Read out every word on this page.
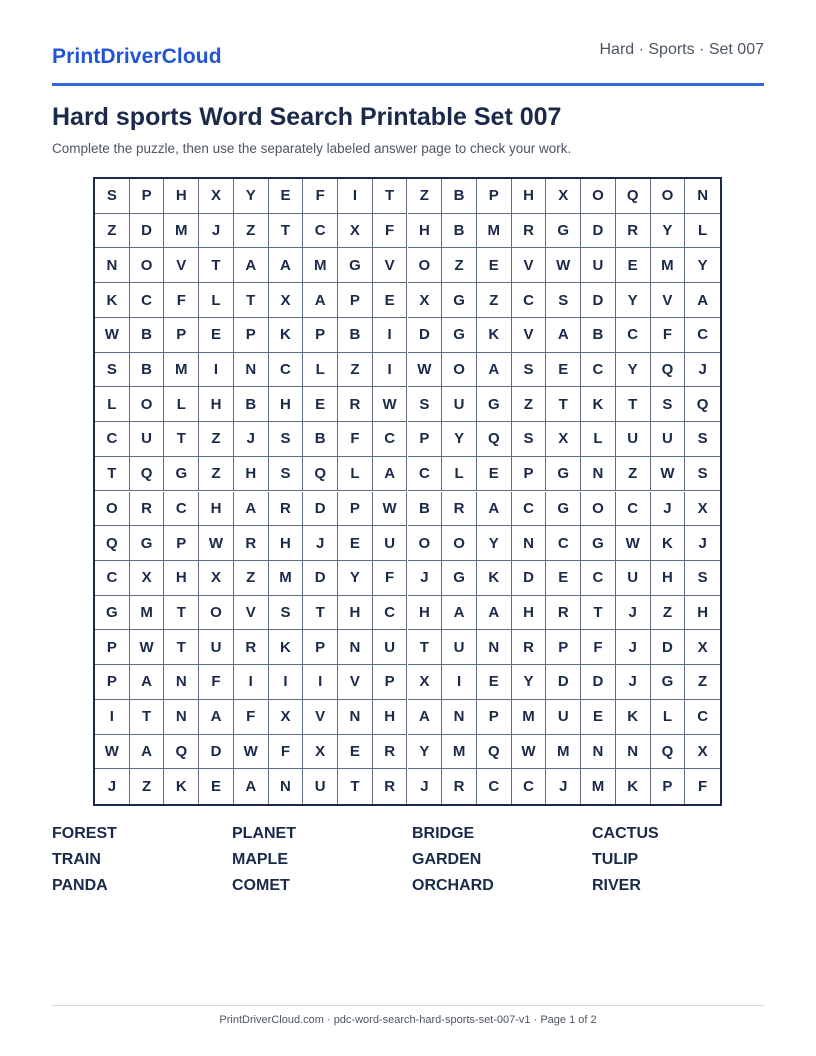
PrintDriverCloud	Hard · Sports · Set 007
Hard sports Word Search Printable Set 007
Complete the puzzle, then use the separately labeled answer page to check your work.
S	P	H	X	Y	E	F	I	T	Z	B	P	H	X	O	Q	O	N
Z	D	M	J	Z	T	C	X	F	H	B	M	R	G	D	R	Y	L
N	O	V	T	A	A	M	G	V	O	Z	E	V	W	U	E	M	Y
K	C	F	L	T	X	A	P	E	X	G	Z	C	S	D	Y	V	A
W	B	P	E	P	K	P	B	I	D	G	K	V	A	B	C	F	C
S	B	M	I	N	C	L	Z	I	W	O	A	S	E	C	Y	Q	J
L	O	L	H	B	H	E	R	W	S	U	G	Z	T	K	T	S	Q
C	U	T	Z	J	S	B	F	C	P	Y	Q	S	X	L	U	U	S
T	Q	G	Z	H	S	Q	L	A	C	L	E	P	G	N	Z	W	S
O	R	C	H	A	R	D	P	W	B	R	A	C	G	O	C	J	X
Q	G	P	W	R	H	J	E	U	O	O	Y	N	C	G	W	K	J
C	X	H	X	Z	M	D	Y	F	J	G	K	D	E	C	U	H	S
G	M	T	O	V	S	T	H	C	H	A	A	H	R	T	J	Z	H
P	W	T	U	R	K	P	N	U	T	U	N	R	P	F	J	D	X
P	A	N	F	I	I	I	V	P	X	I	E	Y	D	D	J	G	Z
I	T	N	A	F	X	V	N	H	A	N	P	M	U	E	K	L	C
W	A	Q	D	W	F	X	E	R	Y	M	Q	W	M	N	N	Q	X
J	Z	K	E	A	N	U	T	R	J	R	C	C	J	M	K	P	F
FOREST	PLANET	BRIDGE	CACTUS
TRAIN	MAPLE	GARDEN	TULIP
PANDA	COMET	ORCHARD	RIVER
PrintDriverCloud.com · pdc-word-search-hard-sports-set-007-v1 · Page 1 of 2
